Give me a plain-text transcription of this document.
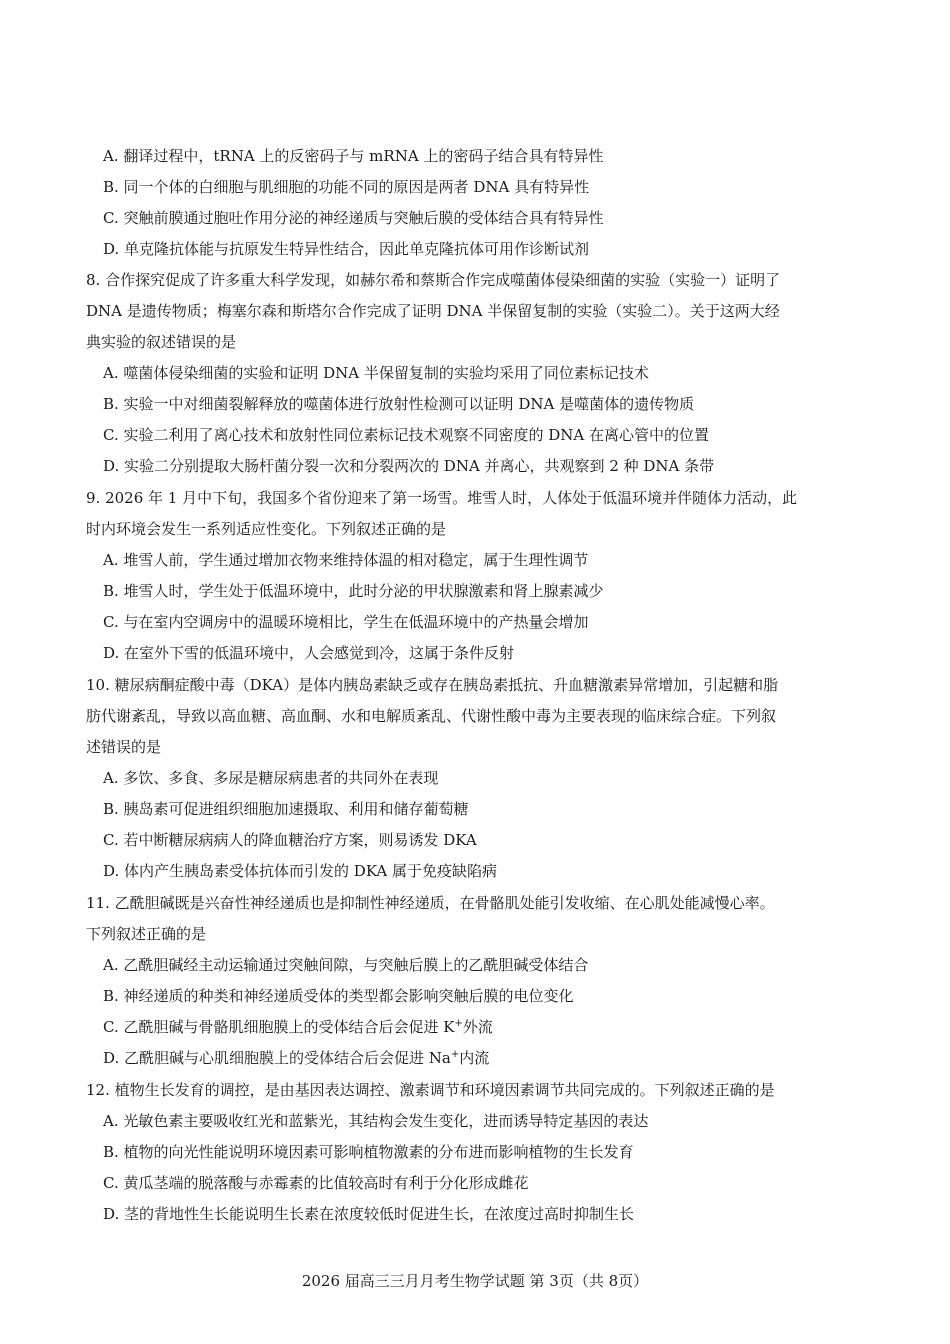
A. 翻译过程中，tRNA 上的反密码子与 mRNA 上的密码子结合具有特异性
B. 同一个体的白细胞与肌细胞的功能不同的原因是两者 DNA 具有特异性
C. 突触前膜通过胞吐作用分泌的神经递质与突触后膜的受体结合具有特异性
D. 单克隆抗体能与抗原发生特异性结合，因此单克隆抗体可用作诊断试剂
8. 合作探究促成了许多重大科学发现，如赫尔希和蔡斯合作完成噬菌体侵染细菌的实验（实验一）证明了
DNA 是遗传物质；梅塞尔森和斯塔尔合作完成了证明 DNA 半保留复制的实验（实验二）。关于这两大经
典实验的叙述错误的是
A. 噬菌体侵染细菌的实验和证明 DNA 半保留复制的实验均采用了同位素标记技术
B. 实验一中对细菌裂解释放的噬菌体进行放射性检测可以证明 DNA 是噬菌体的遗传物质
C. 实验二利用了离心技术和放射性同位素标记技术观察不同密度的 DNA 在离心管中的位置
D. 实验二分别提取大肠杆菌分裂一次和分裂两次的 DNA 并离心，共观察到 2 种 DNA 条带
9. 2026 年 1 月中下旬，我国多个省份迎来了第一场雪。堆雪人时，人体处于低温环境并伴随体力活动，此
时内环境会发生一系列适应性变化。下列叙述正确的是
A. 堆雪人前，学生通过增加衣物来维持体温的相对稳定，属于生理性调节
B. 堆雪人时，学生处于低温环境中，此时分泌的甲状腺激素和肾上腺素减少
C. 与在室内空调房中的温暖环境相比，学生在低温环境中的产热量会增加
D. 在室外下雪的低温环境中，人会感觉到冷，这属于条件反射
10. 糖尿病酮症酸中毒（DKA）是体内胰岛素缺乏或存在胰岛素抵抗、升血糖激素异常增加，引起糖和脂
肪代谢紊乱，导致以高血糖、高血酮、水和电解质紊乱、代谢性酸中毒为主要表现的临床综合症。下列叙
述错误的是
A. 多饮、多食、多尿是糖尿病患者的共同外在表现
B. 胰岛素可促进组织细胞加速摄取、利用和储存葡萄糖
C. 若中断糖尿病病人的降血糖治疗方案，则易诱发 DKA
D. 体内产生胰岛素受体抗体而引发的 DKA 属于免疫缺陷病
11. 乙酰胆碱既是兴奋性神经递质也是抑制性神经递质，在骨骼肌处能引发收缩、在心肌处能减慢心率。
下列叙述正确的是
A. 乙酰胆碱经主动运输通过突触间隙，与突触后膜上的乙酰胆碱受体结合
B. 神经递质的种类和神经递质受体的类型都会影响突触后膜的电位变化
C. 乙酰胆碱与骨骼肌细胞膜上的受体结合后会促进 K+外流
D. 乙酰胆碱与心肌细胞膜上的受体结合后会促进 Na+内流
12. 植物生长发育的调控，是由基因表达调控、激素调节和环境因素调节共同完成的。下列叙述正确的是
A. 光敏色素主要吸收红光和蓝紫光，其结构会发生变化，进而诱导特定基因的表达
B. 植物的向光性能说明环境因素可影响植物激素的分布进而影响植物的生长发育
C. 黄瓜茎端的脱落酸与赤霉素的比值较高时有利于分化形成雌花
D. 茎的背地性生长能说明生长素在浓度较低时促进生长，在浓度过高时抑制生长
2026 届高三三月月考生物学试题 第 3页（共 8页）
